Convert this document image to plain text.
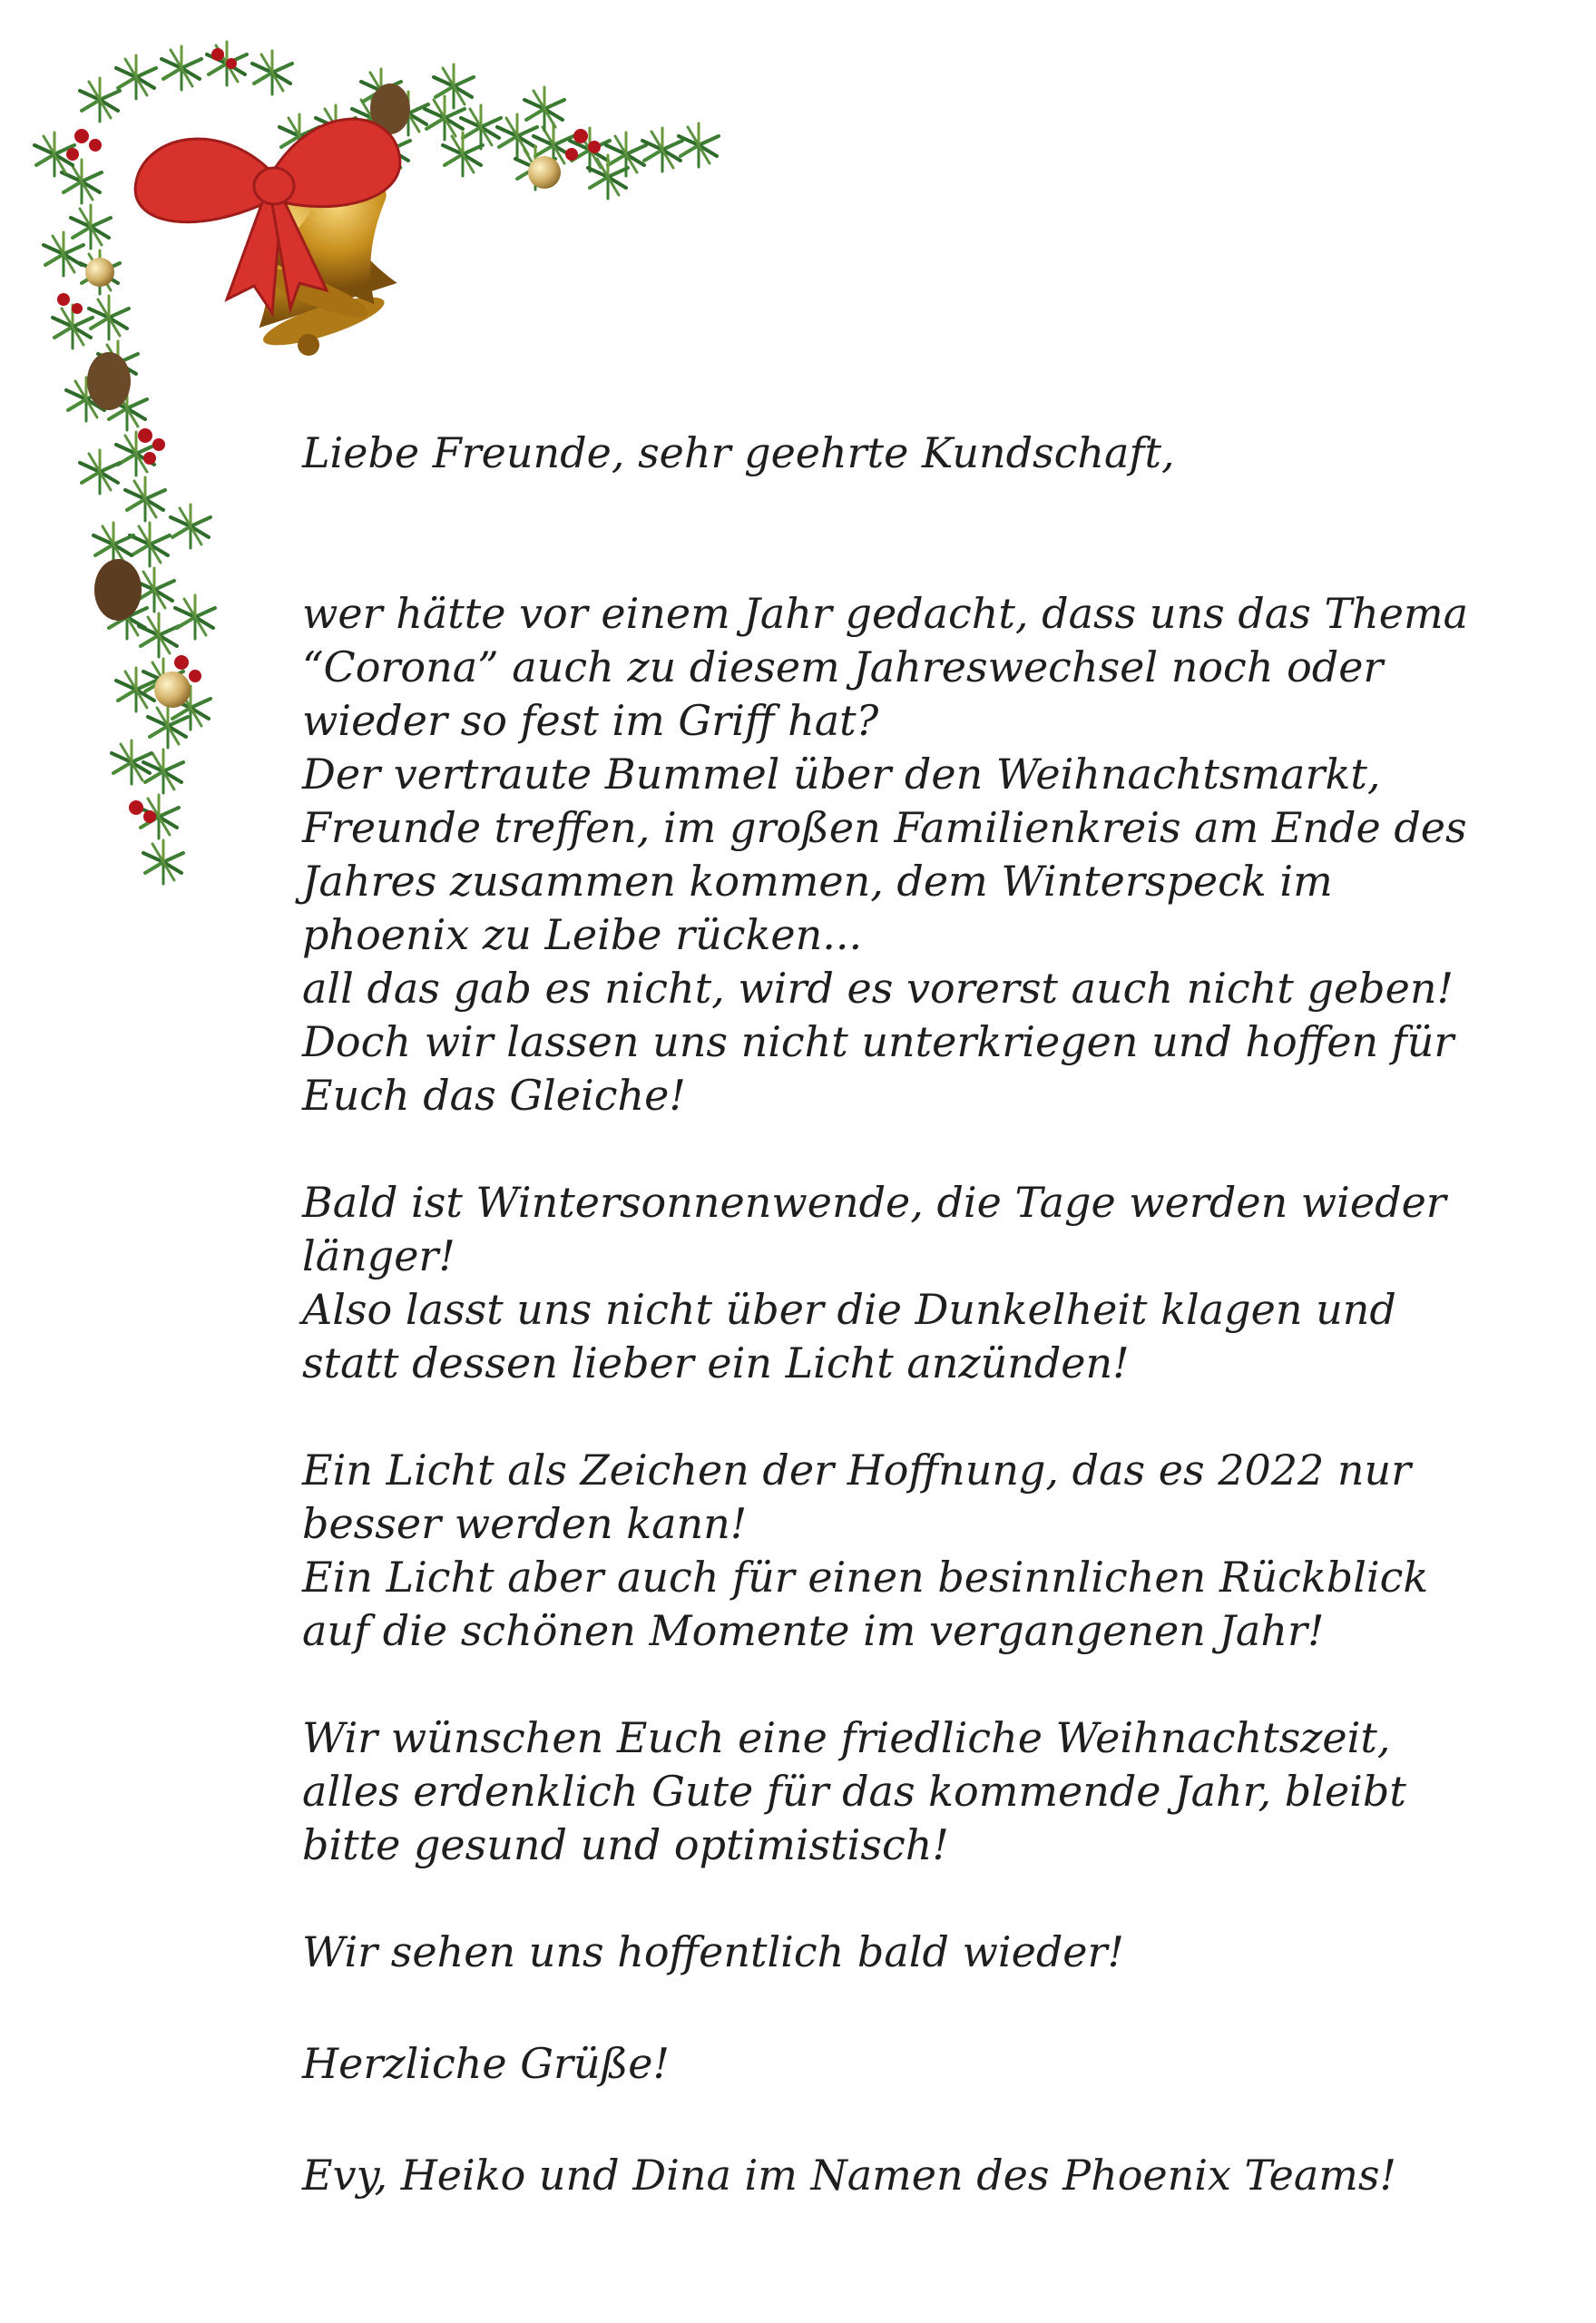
Liebe Freunde, sehr geehrte Kundschaft,

wer hätte vor einem Jahr gedacht, dass uns das Thema
“Corona” auch zu diesem Jahreswechsel noch oder
wieder so fest im Griff hat?
Der vertraute Bummel über den Weihnachtsmarkt,
Freunde treffen, im großen Familienkreis am Ende des
Jahres zusammen kommen, dem Winterspeck im
phoenix zu Leibe rücken...
all das gab es nicht, wird es vorerst auch nicht geben!
Doch wir lassen uns nicht unterkriegen und hoffen für
Euch das Gleiche!

Bald ist Wintersonnenwende, die Tage werden wieder
länger!
Also lasst uns nicht über die Dunkelheit klagen und
statt dessen lieber ein Licht anzünden!

Ein Licht als Zeichen der Hoffnung, das es 2022 nur
besser werden kann!
Ein Licht aber auch für einen besinnlichen Rückblick
auf die schönen Momente im vergangenen Jahr!

Wir wünschen Euch eine friedliche Weihnachtszeit,
alles erdenklich Gute für das kommende Jahr, bleibt
bitte gesund und optimistisch!

Wir sehen uns hoffentlich bald wieder!

Herzliche Grüße!

Evy, Heiko und Dina im Namen des Phoenix Teams!
